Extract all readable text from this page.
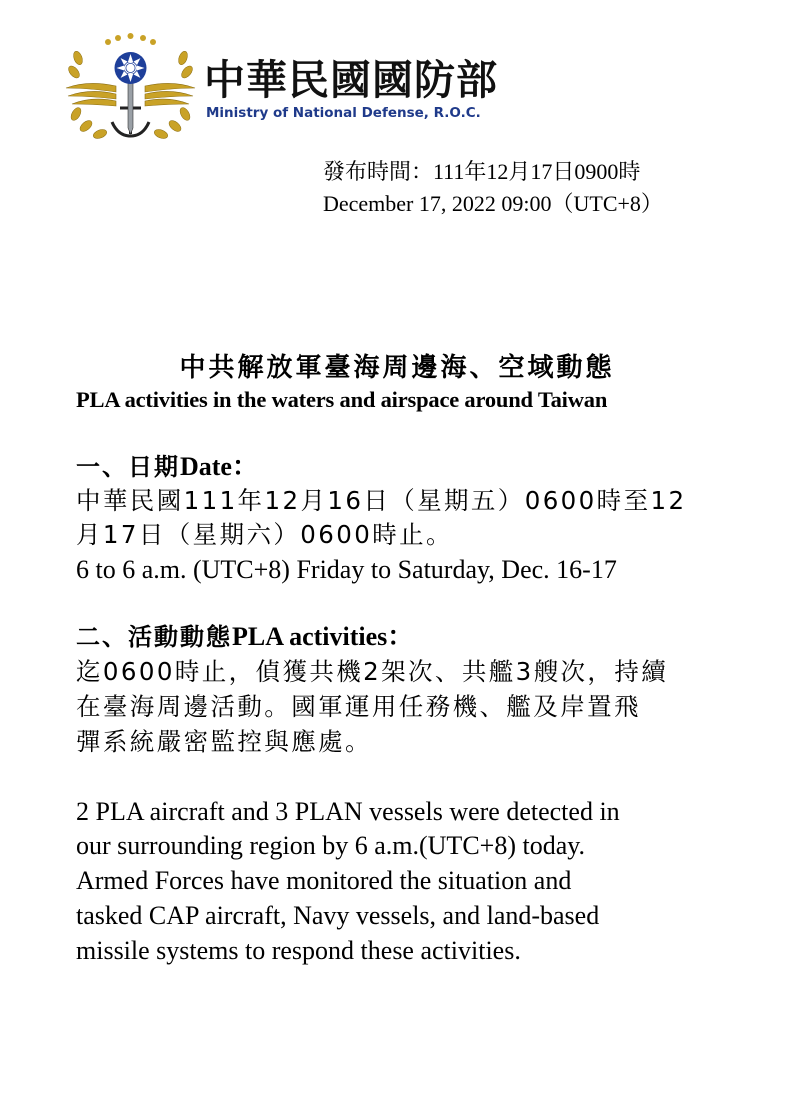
中華民國國防部
Ministry of National Defense, R.O.C.
發布時間：111年12月17日0900時
December 17, 2022 09:00（UTC+8）
中共解放軍臺海周邊海、空域動態
PLA activities in the waters and airspace around Taiwan
一、日期Date：
中華民國111年12月16日（星期五）0600時至12
月17日（星期六）0600時止。
6 to 6 a.m. (UTC+8) Friday to Saturday, Dec. 16-17
二、活動動態PLA activities：
迄0600時止，偵獲共機2架次、共艦3艘次，持續
在臺海周邊活動。國軍運用任務機、艦及岸置飛
彈系統嚴密監控與應處。
2 PLA aircraft and 3 PLAN vessels were detected in
our surrounding region by 6 a.m.(UTC+8) today.
Armed Forces have monitored the situation and
tasked CAP aircraft, Navy vessels, and land-based
missile systems to respond these activities.
